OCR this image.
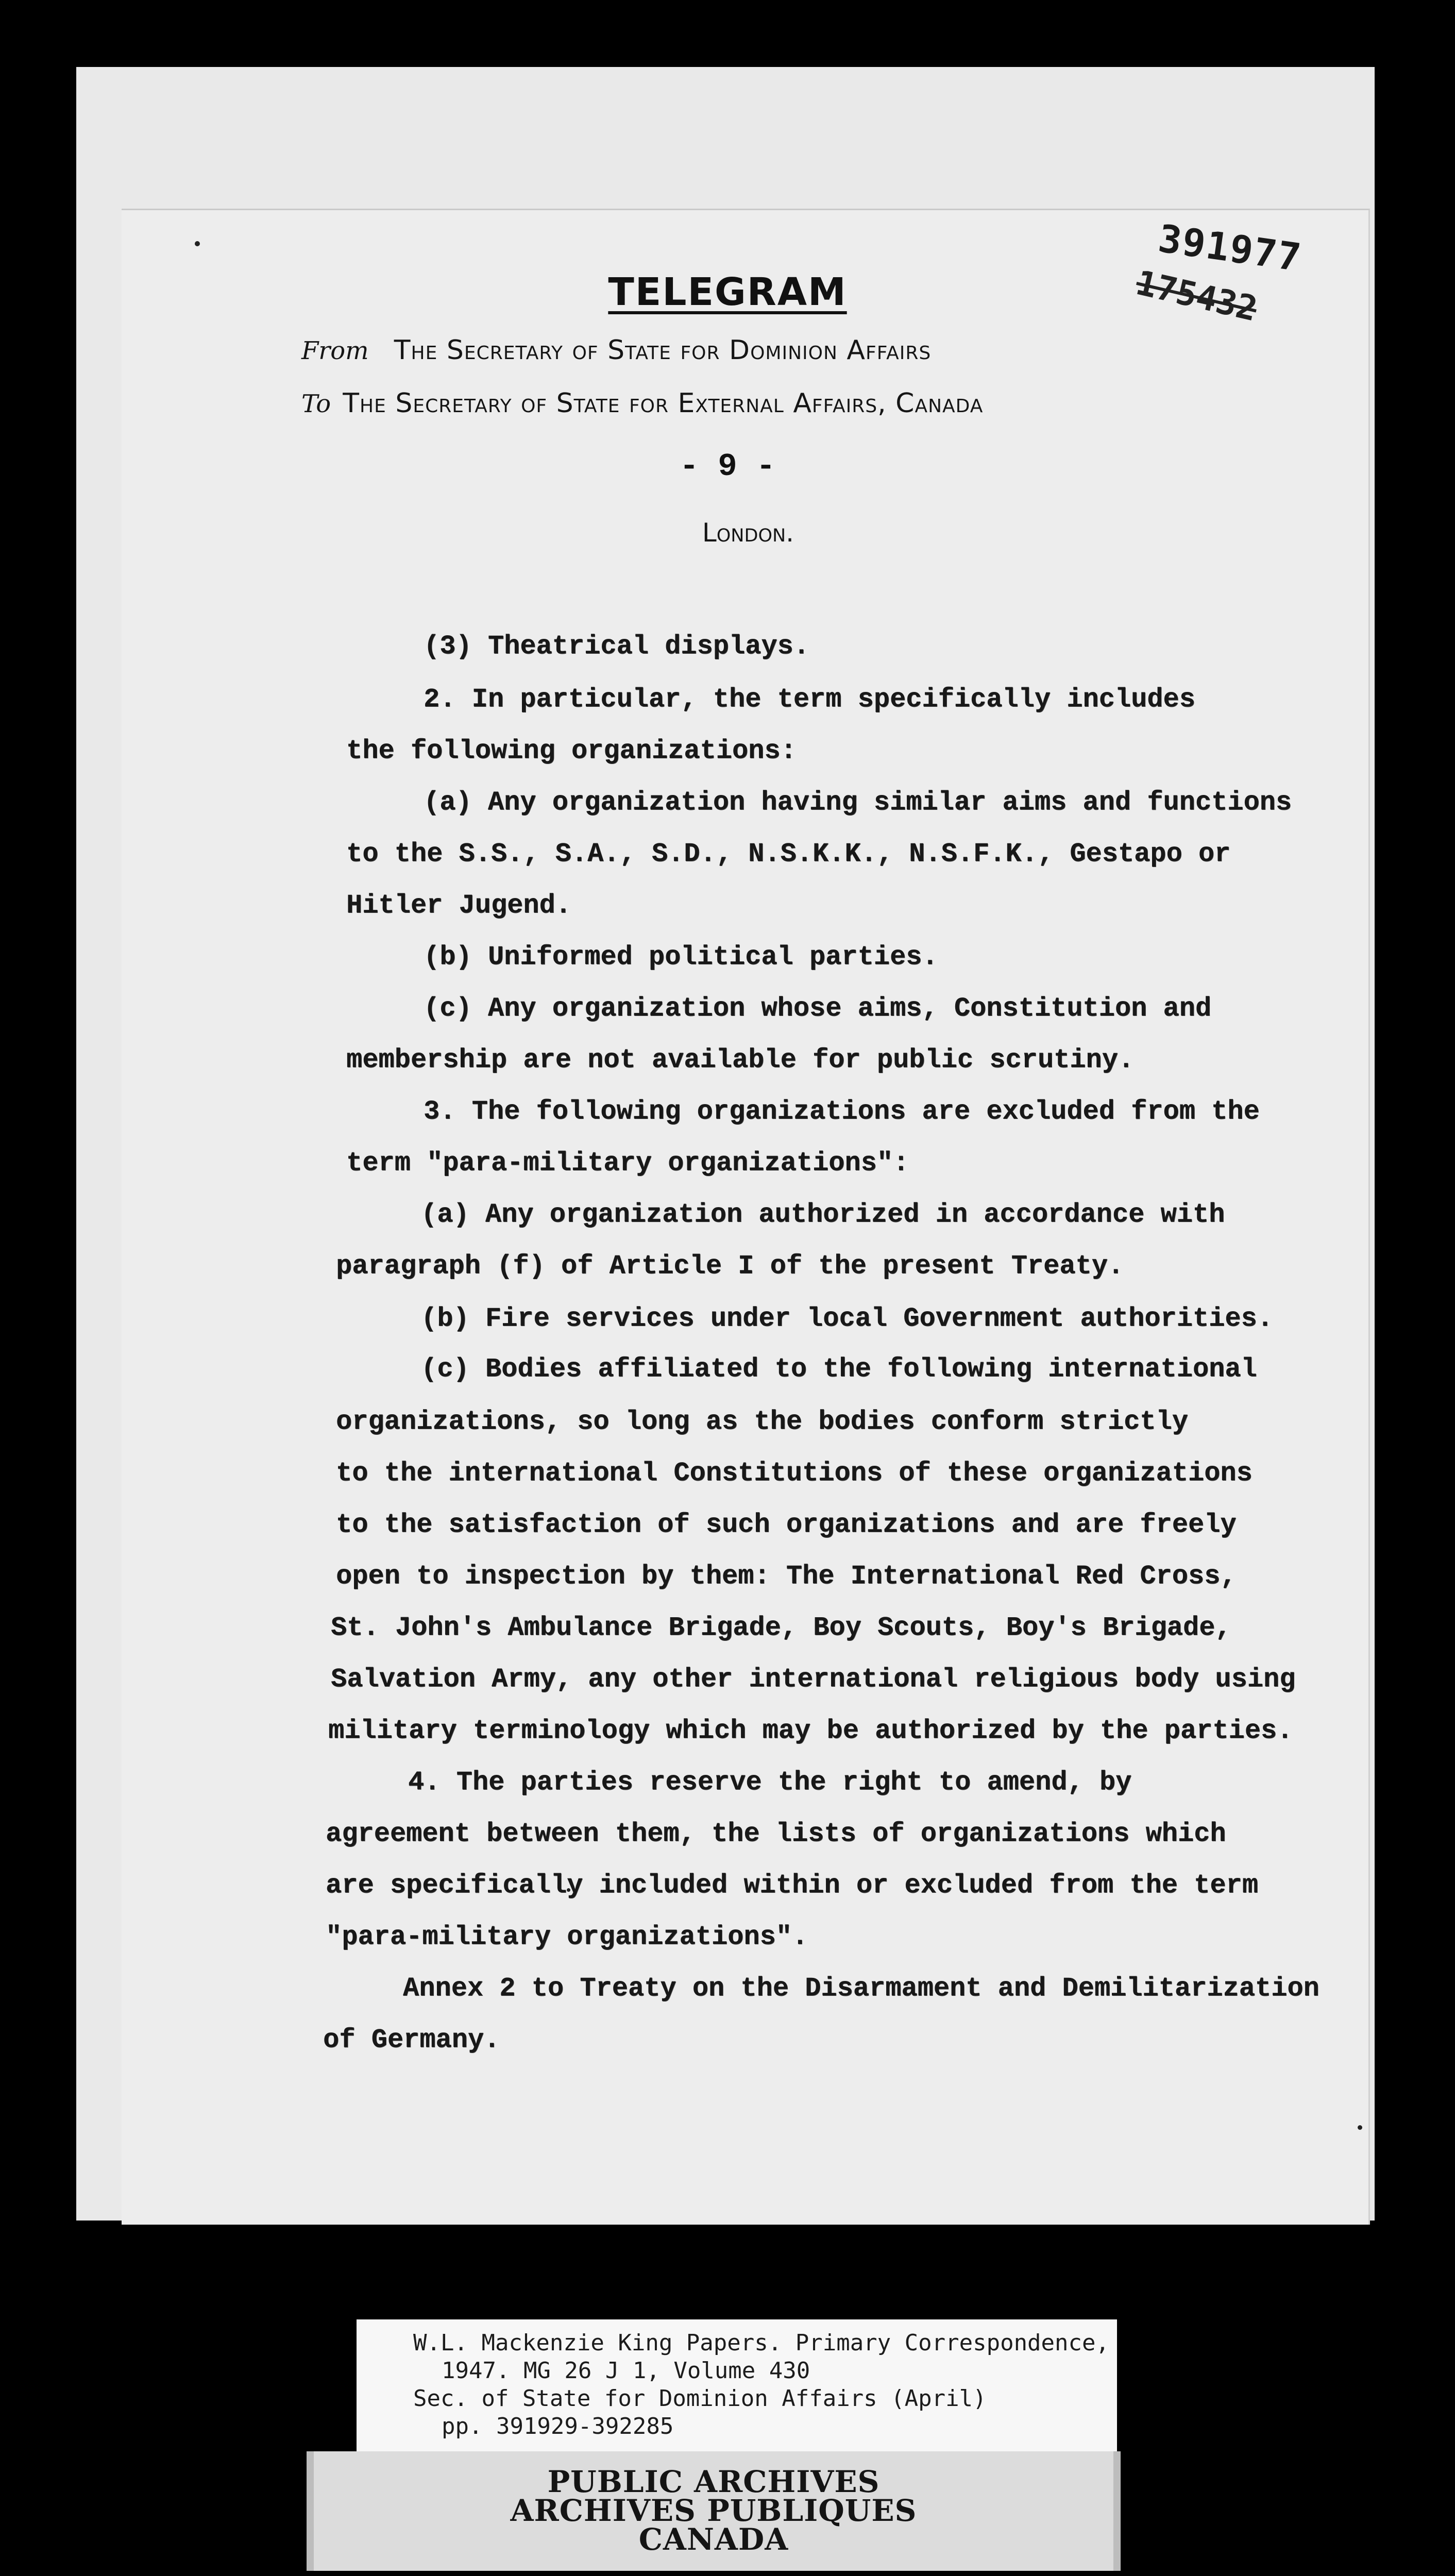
391977
175432
TELEGRAM
From The Secretary of State for Dominion Affairs
To The Secretary of State for External Affairs, Canada
- 9 -
London.
(3) Theatrical displays.
2. In particular, the term specifically includes
the following organizations:
(a) Any organization having similar aims and functions
to the S.S., S.A., S.D., N.S.K.K., N.S.F.K., Gestapo or
Hitler Jugend.
(b) Uniformed political parties.
(c) Any organization whose aims, Constitution and
membership are not available for public scrutiny.
3. The following organizations are excluded from the
term "para-military organizations":
(a) Any organization authorized in accordance with
paragraph (f) of Article I of the present Treaty.
(b) Fire services under local Government authorities.
(c) Bodies affiliated to the following international
organizations, so long as the bodies conform strictly
to the international Constitutions of these organizations
to the satisfaction of such organizations and are freely
open to inspection by them: The International Red Cross,
St. John's Ambulance Brigade, Boy Scouts, Boy's Brigade,
Salvation Army, any other international religious body using
military terminology which may be authorized by the parties.
4. The parties reserve the right to amend, by
agreement between them, the lists of organizations which
are specifically included within or excluded from the term
"para-military organizations".
Annex 2 to Treaty on the Disarmament and Demilitarization
of Germany.
W.L. Mackenzie King Papers. Primary Correspondence,
1947. MG 26 J 1, Volume 430
Sec. of State for Dominion Affairs (April)
pp. 391929-392285
PUBLIC ARCHIVES
ARCHIVES PUBLIQUES
CANADA
